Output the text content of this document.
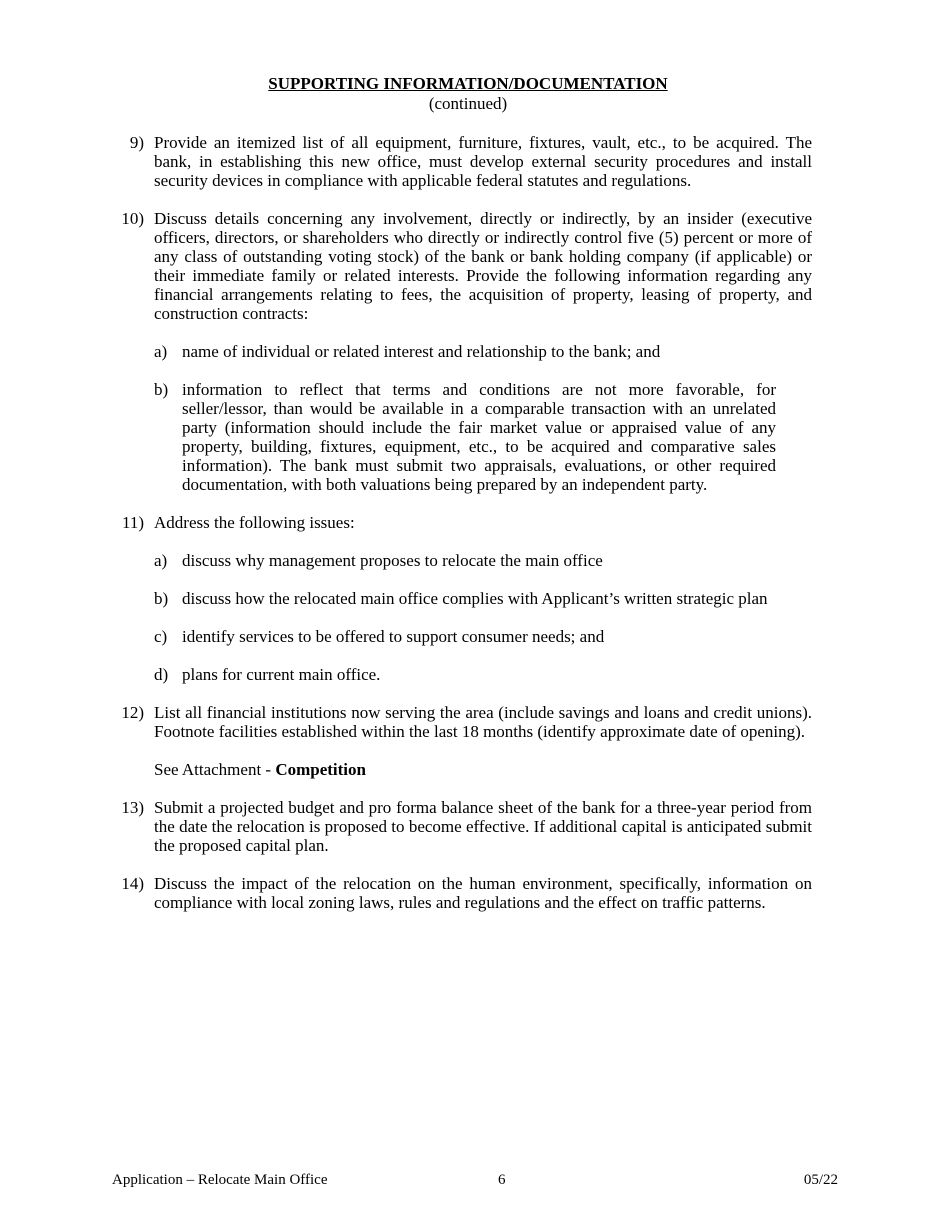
SUPPORTING INFORMATION/DOCUMENTATION
(continued)
9) Provide an itemized list of all equipment, furniture, fixtures, vault, etc., to be acquired. The bank, in establishing this new office, must develop external security procedures and install security devices in compliance with applicable federal statutes and regulations.
10) Discuss details concerning any involvement, directly or indirectly, by an insider (executive officers, directors, or shareholders who directly or indirectly control five (5) percent or more of any class of outstanding voting stock) of the bank or bank holding company (if applicable) or their immediate family or related interests. Provide the following information regarding any financial arrangements relating to fees, the acquisition of property, leasing of property, and construction contracts:
a) name of individual or related interest and relationship to the bank; and
b) information to reflect that terms and conditions are not more favorable, for seller/lessor, than would be available in a comparable transaction with an unrelated party (information should include the fair market value or appraised value of any property, building, fixtures, equipment, etc., to be acquired and comparative sales information). The bank must submit two appraisals, evaluations, or other required documentation, with both valuations being prepared by an independent party.
11) Address the following issues:
a) discuss why management proposes to relocate the main office
b) discuss how the relocated main office complies with Applicant’s written strategic plan
c) identify services to be offered to support consumer needs; and
d) plans for current main office.
12) List all financial institutions now serving the area (include savings and loans and credit unions). Footnote facilities established within the last 18 months (identify approximate date of opening).
See Attachment - Competition
13) Submit a projected budget and pro forma balance sheet of the bank for a three-year period from the date the relocation is proposed to become effective. If additional capital is anticipated submit the proposed capital plan.
14) Discuss the impact of the relocation on the human environment, specifically, information on compliance with local zoning laws, rules and regulations and the effect on traffic patterns.
Application – Relocate Main Office	6	05/22
